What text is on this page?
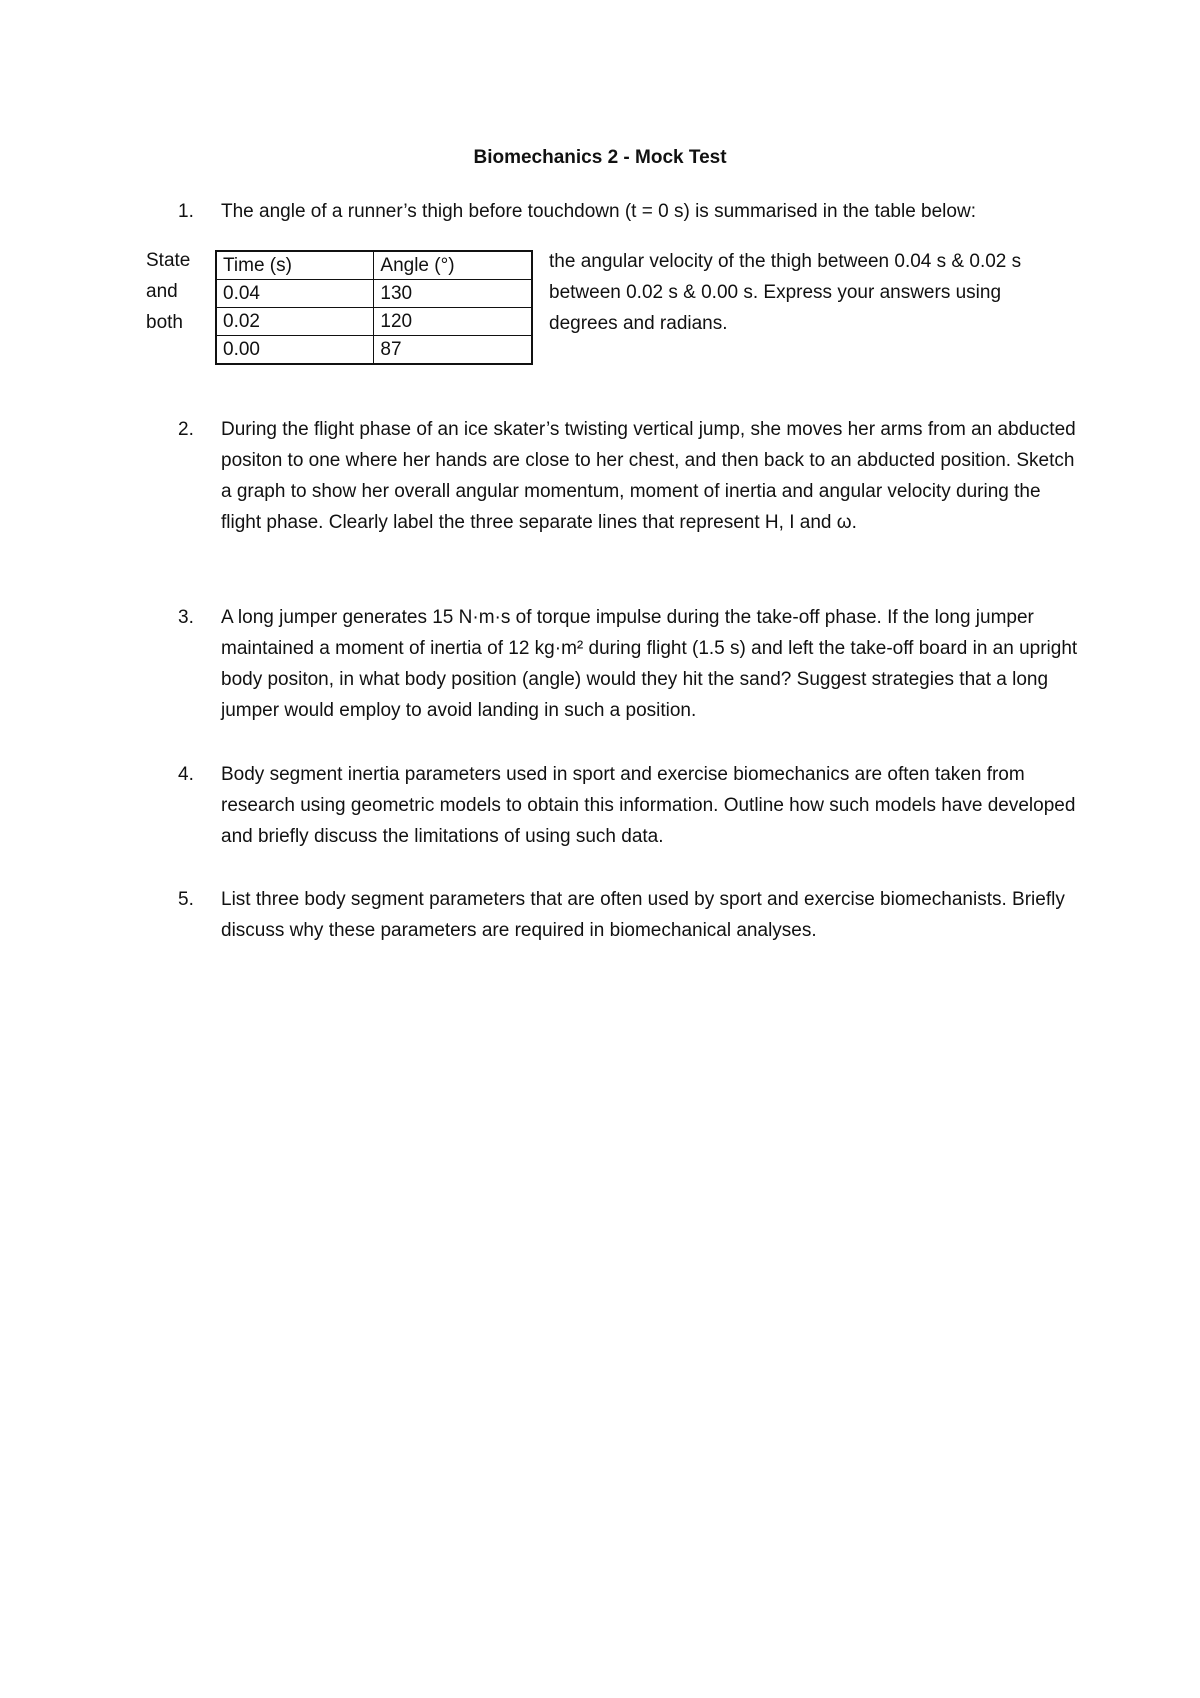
Biomechanics 2 - Mock Test
1.	The angle of a runner’s thigh before touchdown (t = 0 s) is summarised in the table below:
State
and
both
Time (s)	Angle (°)
0.04	130
0.02	120
0.00	87
the angular velocity of the thigh between 0.04 s & 0.02 s
between 0.02 s & 0.00 s. Express your answers using
degrees and radians.
2.	During the flight phase of an ice skater’s twisting vertical jump, she moves her arms from an abducted positon to one where her hands are close to her chest, and then back to an abducted position. Sketch a graph to show her overall angular momentum, moment of inertia and angular velocity during the flight phase. Clearly label the three separate lines that represent H, I and ω.
3.	A long jumper generates 15 N·m·s of torque impulse during the take-off phase. If the long jumper maintained a moment of inertia of 12 kg·m² during flight (1.5 s) and left the take-off board in an upright body positon, in what body position (angle) would they hit the sand? Suggest strategies that a long jumper would employ to avoid landing in such a position.
4.	Body segment inertia parameters used in sport and exercise biomechanics are often taken from research using geometric models to obtain this information. Outline how such models have developed and briefly discuss the limitations of using such data.
5.	List three body segment parameters that are often used by sport and exercise biomechanists. Briefly discuss why these parameters are required in biomechanical analyses.
